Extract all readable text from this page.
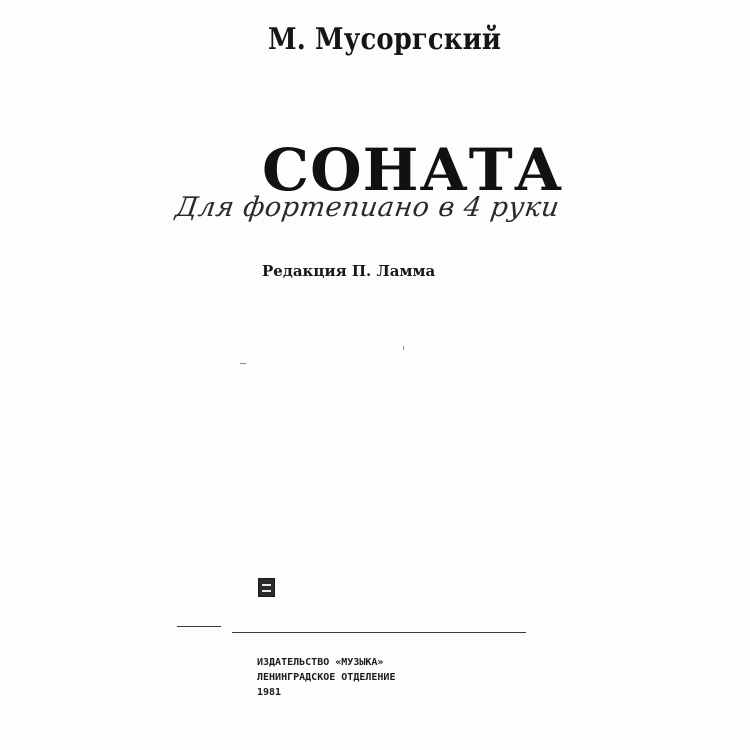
М. Мусоргский
СОНАТА
Для фортепиано в 4 руки
Редакция П. Ламма
ИЗДАТЕЛЬСТВО «МУЗЫКА»
ЛЕНИНГРАДСКОЕ ОТДЕЛЕНИЕ
1981
